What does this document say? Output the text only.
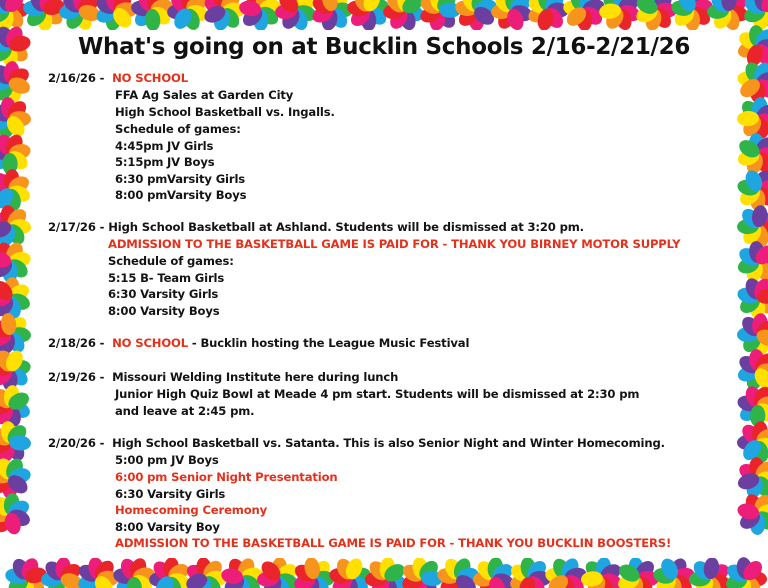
What's going on at Bucklin Schools 2/16-2/21/26
2/16/26 - NO SCHOOL
FFA Ag Sales at Garden City
High School Basketball vs. Ingalls.
Schedule of games:
4:45pm JV Girls
5:15pm JV Boys
6:30 pmVarsity Girls
8:00 pmVarsity Boys
2/17/26 - High School Basketball at Ashland. Students will be dismissed at 3:20 pm.
ADMISSION TO THE BASKETBALL GAME IS PAID FOR - THANK YOU BIRNEY MOTOR SUPPLY
Schedule of games:
5:15 B- Team Girls
6:30 Varsity Girls
8:00 Varsity Boys
2/18/26 - NO SCHOOL - Bucklin hosting the League Music Festival
2/19/26 - Missouri Welding Institute here during lunch
Junior High Quiz Bowl at Meade 4 pm start. Students will be dismissed at 2:30 pm
and leave at 2:45 pm.
2/20/26 - High School Basketball vs. Satanta. This is also Senior Night and Winter Homecoming.
5:00 pm JV Boys
6:00 pm Senior Night Presentation
6:30 Varsity Girls
Homecoming Ceremony
8:00 Varsity Boy
ADMISSION TO THE BASKETBALL GAME IS PAID FOR - THANK YOU BUCKLIN BOOSTERS!
